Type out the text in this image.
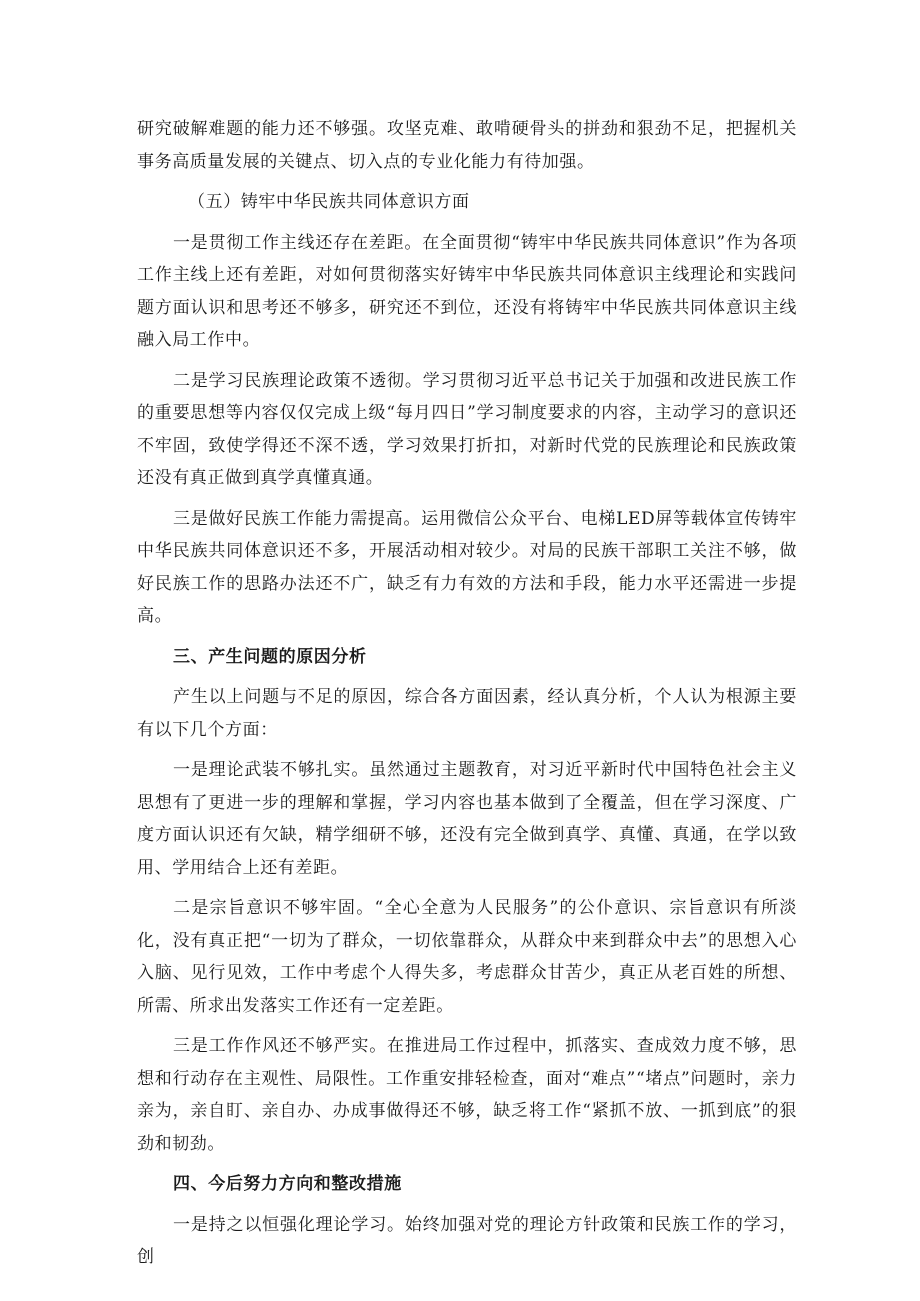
研究破解难题的能力还不够强。攻坚克难、敢啃硬骨头的拼劲和狠劲不足，把握机关事务高质量发展的关键点、切入点的专业化能力有待加强。

（五）铸牢中华民族共同体意识方面

一是贯彻工作主线还存在差距。在全面贯彻“铸牢中华民族共同体意识”作为各项工作主线上还有差距，对如何贯彻落实好铸牢中华民族共同体意识主线理论和实践问题方面认识和思考还不够多，研究还不到位，还没有将铸牢中华民族共同体意识主线融入局工作中。

二是学习民族理论政策不透彻。学习贯彻习近平总书记关于加强和改进民族工作的重要思想等内容仅仅完成上级“每月四日”学习制度要求的内容，主动学习的意识还不牢固，致使学得还不深不透，学习效果打折扣，对新时代党的民族理论和民族政策还没有真正做到真学真懂真通。

三是做好民族工作能力需提高。运用微信公众平台、电梯LED屏等载体宣传铸牢中华民族共同体意识还不多，开展活动相对较少。对局的民族干部职工关注不够，做好民族工作的思路办法还不广，缺乏有力有效的方法和手段，能力水平还需进一步提高。

三、产生问题的原因分析

产生以上问题与不足的原因，综合各方面因素，经认真分析，个人认为根源主要有以下几个方面：

一是理论武装不够扎实。虽然通过主题教育，对习近平新时代中国特色社会主义思想有了更进一步的理解和掌握，学习内容也基本做到了全覆盖，但在学习深度、广度方面认识还有欠缺，精学细研不够，还没有完全做到真学、真懂、真通，在学以致用、学用结合上还有差距。

二是宗旨意识不够牢固。“全心全意为人民服务”的公仆意识、宗旨意识有所淡化，没有真正把“一切为了群众，一切依靠群众，从群众中来到群众中去”的思想入心入脑、见行见效，工作中考虑个人得失多，考虑群众甘苦少，真正从老百姓的所想、所需、所求出发落实工作还有一定差距。

三是工作作风还不够严实。在推进局工作过程中，抓落实、查成效力度不够，思想和行动存在主观性、局限性。工作重安排轻检查，面对“难点”“堵点”问题时，亲力亲为，亲自盯、亲自办、办成事做得还不够，缺乏将工作“紧抓不放、一抓到底”的狠劲和韧劲。

四、今后努力方向和整改措施

一是持之以恒强化理论学习。始终加强对党的理论方针政策和民族工作的学习，创
